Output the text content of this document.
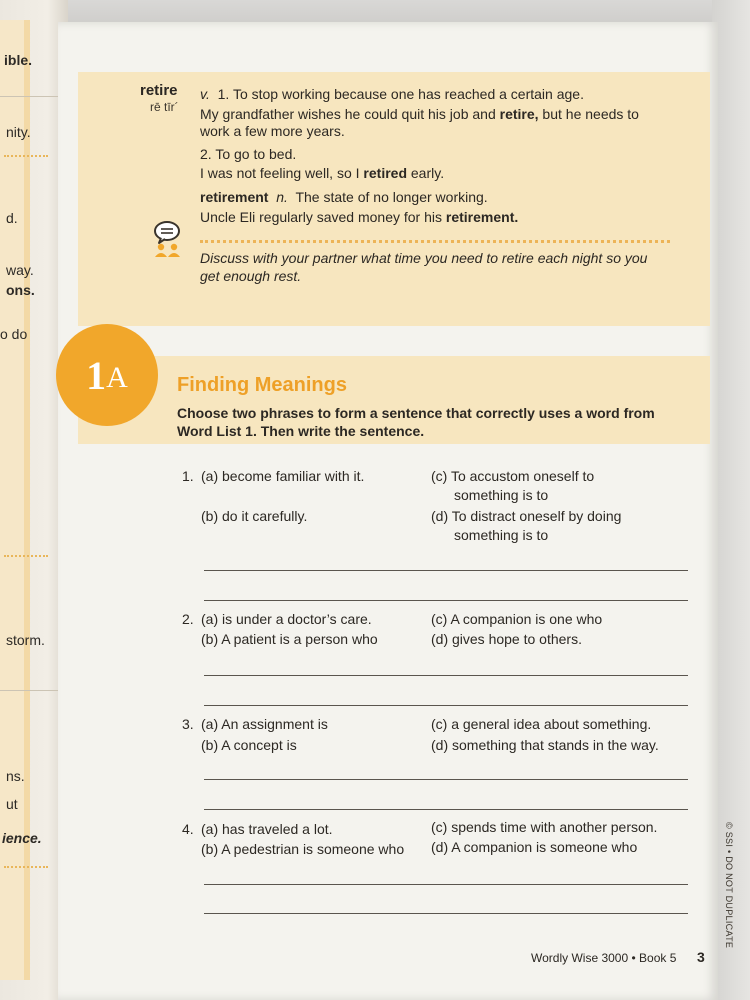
ible.
nity.
d.
way.
ons.
o do
storm.
ns.
ut
ience.
retire
rē tīr´
v. 1. To stop working because one has reached a certain age.
My grandfather wishes he could quit his job and retire, but he needs to work a few more years.
2. To go to bed.
I was not feeling well, so I retired early.
retirement n. The state of no longer working.
Uncle Eli regularly saved money for his retirement.
Discuss with your partner what time you need to retire each night so you get enough rest.
1 A Finding Meanings
Choose two phrases to form a sentence that correctly uses a word from Word List 1. Then write the sentence.
1. (a) become familiar with it.
(b) do it carefully.
(c) To accustom oneself to
something is to
(d) To distract oneself by doing
something is to
2. (a) is under a doctor’s care.
(b) A patient is a person who
(c) A companion is one who
(d) gives hope to others.
3. (a) An assignment is
(b) A concept is
(c) a general idea about something.
(d) something that stands in the way.
4. (a) has traveled a lot.
(b) A pedestrian is someone who
(c) spends time with another person.
(d) A companion is someone who	© SSI • DO NOT DUPLICATE
Wordly Wise 3000 • Book 5 3
